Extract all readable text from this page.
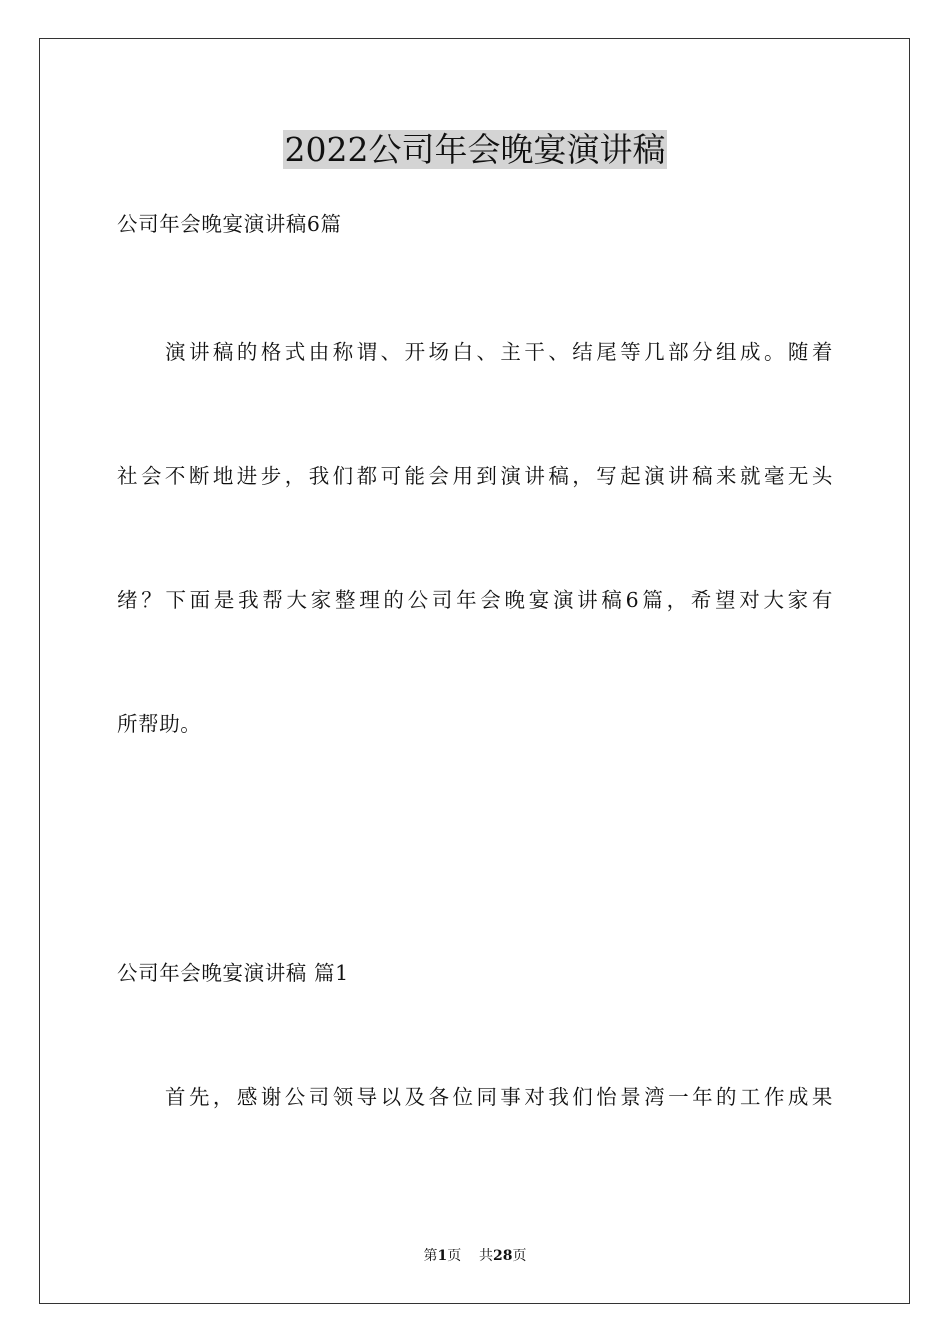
2022公司年会晚宴演讲稿
公司年会晚宴演讲稿6篇
演讲稿的格式由称谓、开场白、主干、结尾等几部分组成。随着
社会不断地进步，我们都可能会用到演讲稿，写起演讲稿来就毫无头
绪？下面是我帮大家整理的公司年会晚宴演讲稿6篇，希望对大家有
所帮助。
公司年会晚宴演讲稿 篇1
首先，感谢公司领导以及各位同事对我们怡景湾一年的工作成果
第1页 共28页
